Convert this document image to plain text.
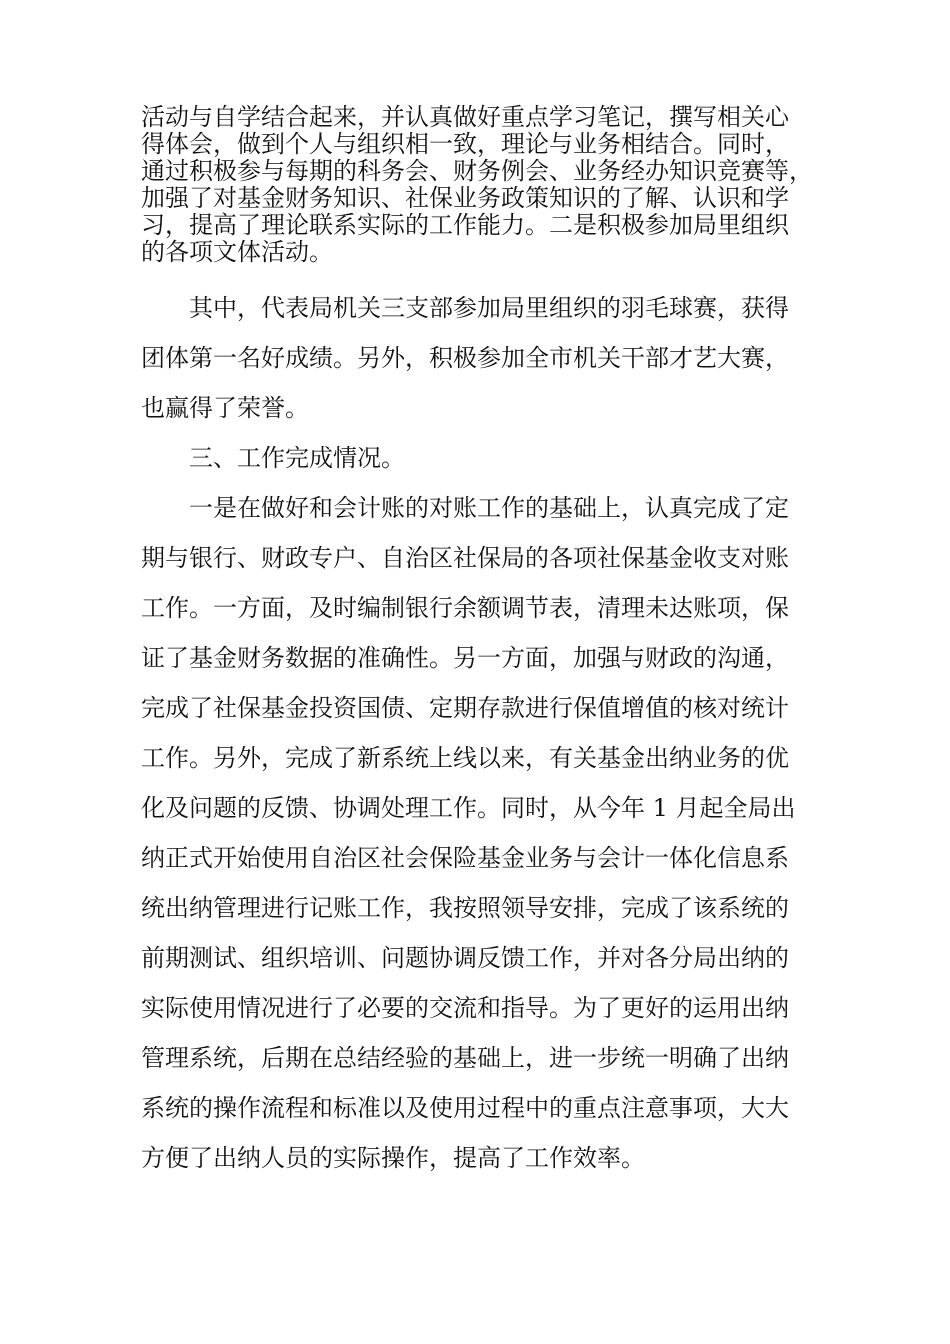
活动与自学结合起来，并认真做好重点学习笔记，撰写相关心
得体会，做到个人与组织相一致，理论与业务相结合。同时，
通过积极参与每期的科务会、财务例会、业务经办知识竞赛等，
加强了对基金财务知识、社保业务政策知识的了解、认识和学
习，提高了理论联系实际的工作能力。二是积极参加局里组织
的各项文体活动。
其中，代表局机关三支部参加局里组织的羽毛球赛，获得
团体第一名好成绩。另外，积极参加全市机关干部才艺大赛，
也赢得了荣誉。
三、工作完成情况。
一是在做好和会计账的对账工作的基础上，认真完成了定
期与银行、财政专户、自治区社保局的各项社保基金收支对账
工作。一方面，及时编制银行余额调节表，清理未达账项，保
证了基金财务数据的准确性。另一方面，加强与财政的沟通，
完成了社保基金投资国债、定期存款进行保值增值的核对统计
工作。另外，完成了新系统上线以来，有关基金出纳业务的优
化及问题的反馈、协调处理工作。同时，从今年 1 月起全局出
纳正式开始使用自治区社会保险基金业务与会计一体化信息系
统出纳管理进行记账工作，我按照领导安排，完成了该系统的
前期测试、组织培训、问题协调反馈工作，并对各分局出纳的
实际使用情况进行了必要的交流和指导。为了更好的运用出纳
管理系统，后期在总结经验的基础上，进一步统一明确了出纳
系统的操作流程和标准以及使用过程中的重点注意事项，大大
方便了出纳人员的实际操作，提高了工作效率。
